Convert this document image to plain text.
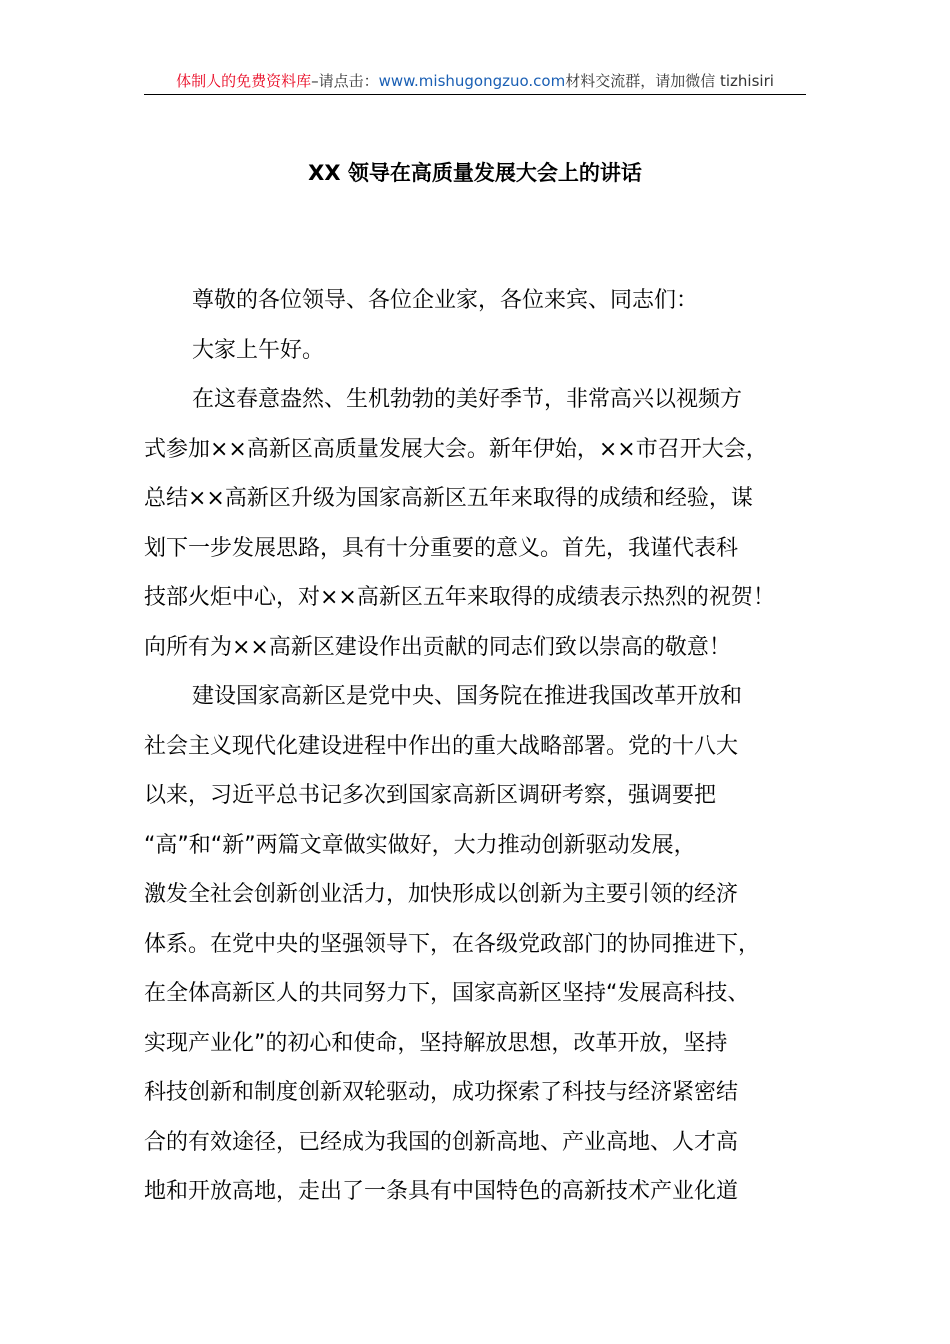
体制人的免费资料库–请点击：www.mishugongzuo.com材料交流群，请加微信 tizhisiri
XX 领导在高质量发展大会上的讲话
尊敬的各位领导、各位企业家，各位来宾、同志们：
大家上午好。
在这春意盎然、生机勃勃的美好季节，非常高兴以视频方
式参加××高新区高质量发展大会。新年伊始，××市召开大会，
总结××高新区升级为国家高新区五年来取得的成绩和经验，谋
划下一步发展思路，具有十分重要的意义。首先，我谨代表科
技部火炬中心，对××高新区五年来取得的成绩表示热烈的祝贺！
向所有为××高新区建设作出贡献的同志们致以崇高的敬意！
建设国家高新区是党中央、国务院在推进我国改革开放和
社会主义现代化建设进程中作出的重大战略部署。党的十八大
以来，习近平总书记多次到国家高新区调研考察，强调要把
“高”和“新”两篇文章做实做好，大力推动创新驱动发展，
激发全社会创新创业活力，加快形成以创新为主要引领的经济
体系。在党中央的坚强领导下，在各级党政部门的协同推进下，
在全体高新区人的共同努力下，国家高新区坚持“发展高科技、
实现产业化”的初心和使命，坚持解放思想，改革开放，坚持
科技创新和制度创新双轮驱动，成功探索了科技与经济紧密结
合的有效途径，已经成为我国的创新高地、产业高地、人才高
地和开放高地，走出了一条具有中国特色的高新技术产业化道
